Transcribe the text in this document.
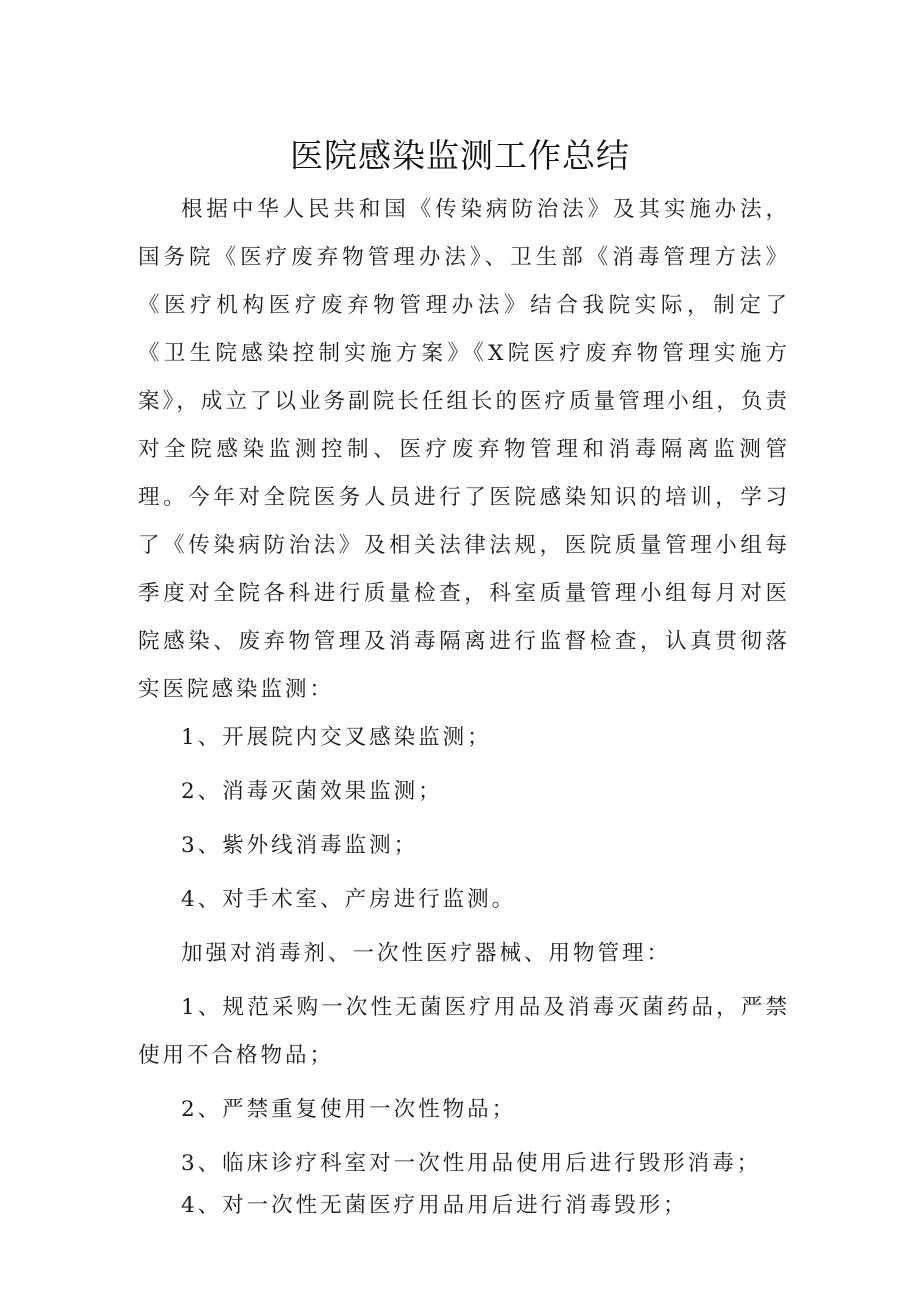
医院感染监测工作总结

根据中华人民共和国《传染病防治法》及其实施办法，国务院《医疗废弃物管理办法》、卫生部《消毒管理方法》《医疗机构医疗废弃物管理办法》结合我院实际，制定了《卫生院感染控制实施方案》《X院医疗废弃物管理实施方案》，成立了以业务副院长任组长的医疗质量管理小组，负责对全院感染监测控制、医疗废弃物管理和消毒隔离监测管理。今年对全院医务人员进行了医院感染知识的培训，学习了《传染病防治法》及相关法律法规，医院质量管理小组每季度对全院各科进行质量检查，科室质量管理小组每月对医院感染、废弃物管理及消毒隔离进行监督检查，认真贯彻落实医院感染监测：

1、开展院内交叉感染监测；

2、消毒灭菌效果监测；

3、紫外线消毒监测；

4、对手术室、产房进行监测。

加强对消毒剂、一次性医疗器械、用物管理：

1、规范采购一次性无菌医疗用品及消毒灭菌药品，严禁使用不合格物品；

2、严禁重复使用一次性物品；

3、临床诊疗科室对一次性用品使用后进行毁形消毒；

4、对一次性无菌医疗用品用后进行消毒毁形；
